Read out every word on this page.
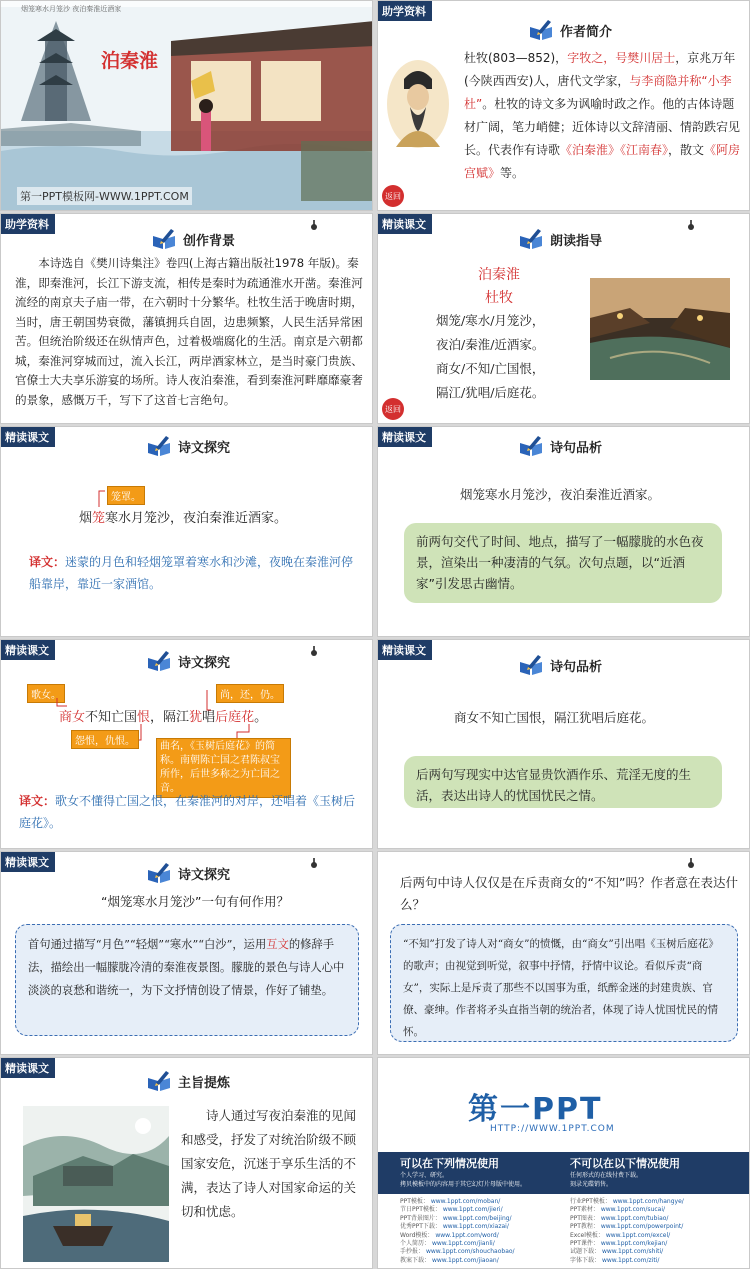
烟笼寒水月笼沙 夜泊秦淮近酒家
泊秦淮
第一PPT模板网-WWW.1PPT.COM
助学资料
作者简介
杜牧(803—852)，字牧之，号樊川居士，京兆万年(今陕西西安)人，唐代文学家，与李商隐并称“小李杜”。杜牧的诗文多为讽喻时政之作。他的古体诗题材广阔，笔力峭健；近体诗以文辞清丽、情韵跌宕见长。代表作有诗歌《泊秦淮》《江南春》，散文《阿房宫赋》等。
返回
助学资料
创作背景
本诗选自《樊川诗集注》卷四(上海古籍出版社1978 年版)。秦淮，即秦淮河，长江下游支流，相传是秦时为疏通淮水开凿。秦淮河流经的南京夫子庙一带，在六朝时十分繁华。杜牧生活于晚唐时期，当时，唐王朝国势衰微，藩镇拥兵自固，边患频繁，人民生活异常困苦。但统治阶级还在纵情声色，过着极端腐化的生活。南京是六朝都城，秦淮河穿城而过，流入长江，两岸酒家林立，是当时豪门贵族、官僚士大夫享乐游宴的场所。诗人夜泊秦淮，看到秦淮河畔靡靡豪奢的景象，感慨万千，写下了这首七言绝句。
精读课文
朗读指导
泊秦淮
杜牧
烟笼/寒水/月笼沙，
夜泊/秦淮/近酒家。
商女/不知/亡国恨，
隔江/犹唱/后庭花。
返回
精读课文
诗文探究
笼罩。
烟笼寒水月笼沙，夜泊秦淮近酒家。
译文：迷蒙的月色和轻烟笼罩着寒水和沙滩，夜晚在秦淮河停船靠岸，靠近一家酒馆。
精读课文
诗句品析
烟笼寒水月笼沙，夜泊秦淮近酒家。
前两句交代了时间、地点，描写了一幅朦胧的水色夜景，渲染出一种凄清的气氛。次句点题，以“近酒家”引发思古幽情。
精读课文
诗文探究
歌女。	尚，还，仍。
商女不知亡国恨，隔江犹唱后庭花。
怨恨，仇恨。	曲名，《玉树后庭花》的简称。南朝陈亡国之君陈叔宝所作，后世多称之为亡国之音。
译文：歌女不懂得亡国之恨，在秦淮河的对岸，还唱着《玉树后庭花》。
精读课文
诗句品析
商女不知亡国恨，隔江犹唱后庭花。
后两句写现实中达官显贵饮酒作乐、荒淫无度的生活，表达出诗人的忧国忧民之情。
精读课文
诗文探究
“烟笼寒水月笼沙”一句有何作用？
首句通过描写“月色”“轻烟”“寒水”“白沙”，运用互文的修辞手法，描绘出一幅朦胧冷清的秦淮夜景图。朦胧的景色与诗人心中淡淡的哀愁和谐统一，为下文抒情创设了情景，作好了铺垫。
后两句中诗人仅仅是在斥责商女的“不知”吗？作者意在表达什么？
“不知”打发了诗人对“商女”的愤慨，由“商女”引出唱《玉树后庭花》的歌声；由视觉到听觉，叙事中抒情，抒情中议论。看似斥责“商女”，实际上是斥责了那些不以国事为重，纸醉金迷的封建贵族、官僚、豪绅。作者将矛头直指当朝的统治者，体现了诗人忧国忧民的情怀。
精读课文
主旨提炼
诗人通过写夜泊秦淮的见闻和感受，抒发了对统治阶级不顾国家安危，沉迷于享乐生活的不满，表达了诗人对国家命运的关切和忧虑。
第一PPT
HTTP://WWW.1PPT.COM
可以在下列情况使用
个人学习、研究。
拷贝模板中的内容用于其它幻灯片母版中使用。
不可以在以下情况使用
任何形式的在线付费下载。
刻录光碟销售。
PPT模板： www.1ppt.com/moban/
节日PPT模板： www.1ppt.com/jieri/
PPT背景图片： www.1ppt.com/beijing/
优秀PPT下载： www.1ppt.com/xiazai/
Word模板： www.1ppt.com/word/
个人简历： www.1ppt.com/jianli/
手抄报： www.1ppt.com/shouchaobao/
教案下载： www.1ppt.com/jiaoan/
行业PPT模板： www.1ppt.com/hangye/
PPT素材： www.1ppt.com/sucai/
PPT图表： www.1ppt.com/tubiao/
PPT教程： www.1ppt.com/powerpoint/
Excel模板： www.1ppt.com/excel/
PPT课件： www.1ppt.com/kejian/
试题下载： www.1ppt.com/shiti/
字体下载： www.1ppt.com/ziti/
